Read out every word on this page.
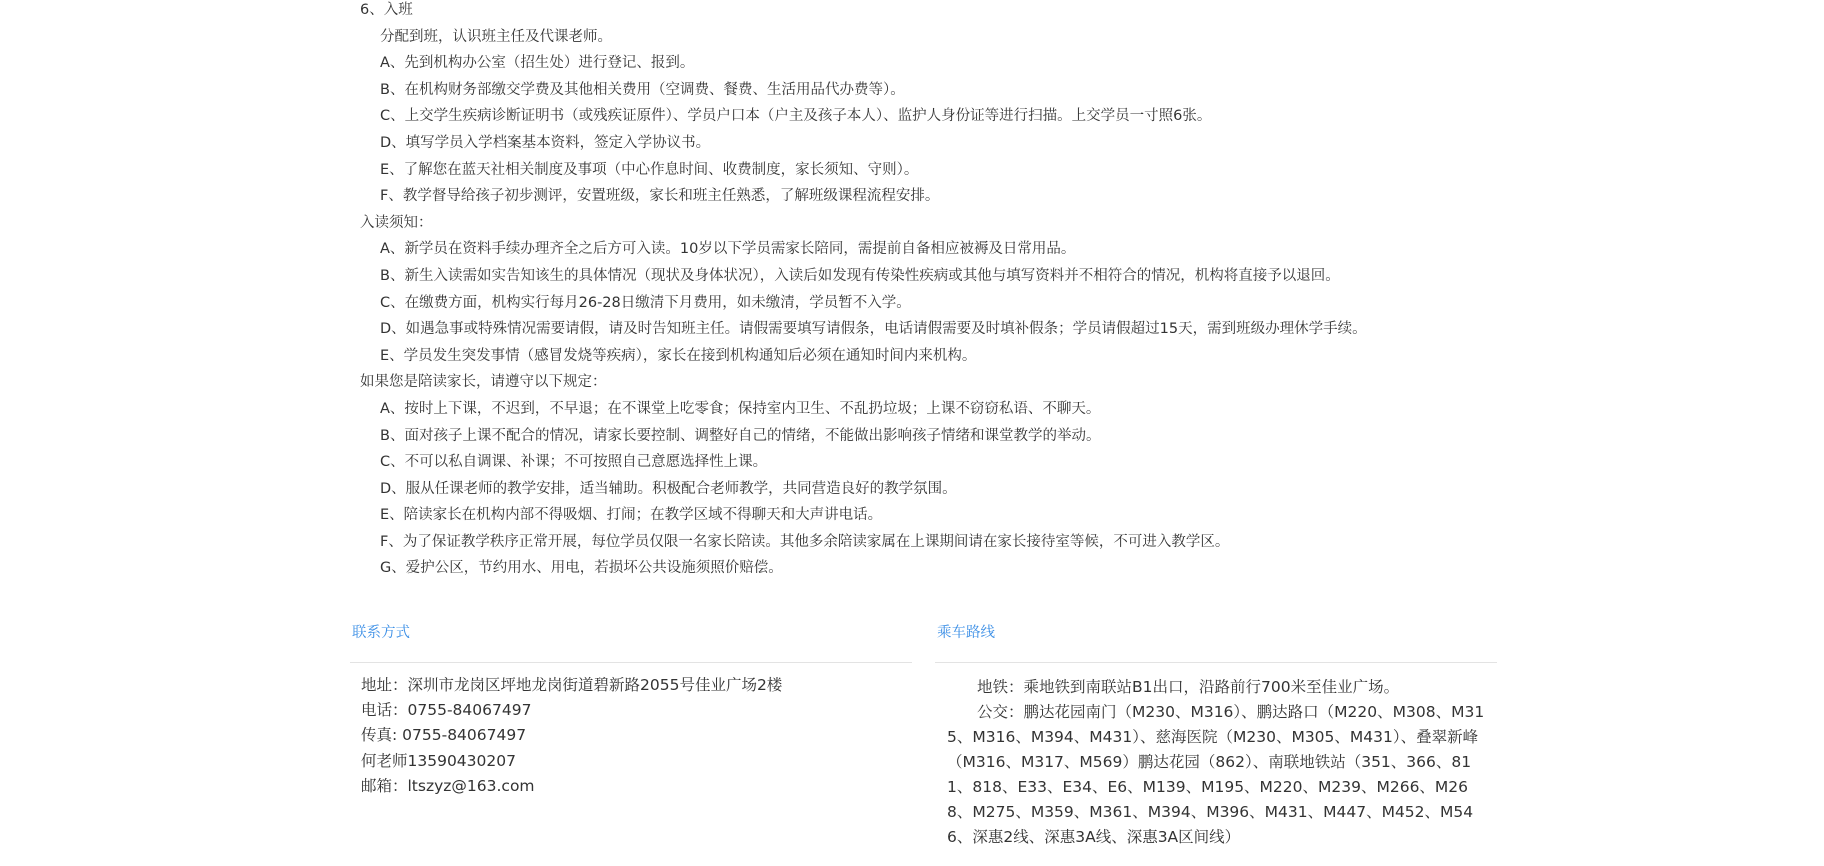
6、入班
分配到班，认识班主任及代课老师。
A、先到机构办公室（招生处）进行登记、报到。
B、在机构财务部缴交学费及其他相关费用（空调费、餐费、生活用品代办费等）。
C、上交学生疾病诊断证明书（或残疾证原件）、学员户口本（户主及孩子本人）、监护人身份证等进行扫描。上交学员一寸照6张。
D、填写学员入学档案基本资料，签定入学协议书。
E、了解您在蓝天社相关制度及事项（中心作息时间、收费制度，家长须知、守则）。
F、教学督导给孩子初步测评，安置班级，家长和班主任熟悉，了解班级课程流程安排。
入读须知：
A、新学员在资料手续办理齐全之后方可入读。10岁以下学员需家长陪同，需提前自备相应被褥及日常用品。
B、新生入读需如实告知该生的具体情况（现状及身体状况），入读后如发现有传染性疾病或其他与填写资料并不相符合的情况，机构将直接予以退回。
C、在缴费方面，机构实行每月26-28日缴清下月费用，如未缴清，学员暂不入学。
D、如遇急事或特殊情况需要请假，请及时告知班主任。请假需要填写请假条，电话请假需要及时填补假条；学员请假超过15天，需到班级办理休学手续。
E、学员发生突发事情（感冒发烧等疾病），家长在接到机构通知后必须在通知时间内来机构。
如果您是陪读家长，请遵守以下规定：
A、按时上下课，不迟到，不早退；在不课堂上吃零食；保持室内卫生、不乱扔垃圾；上课不窃窃私语、不聊天。
B、面对孩子上课不配合的情况，请家长要控制、调整好自己的情绪，不能做出影响孩子情绪和课堂教学的举动。
C、不可以私自调课、补课；不可按照自己意愿选择性上课。
D、服从任课老师的教学安排，适当辅助。积极配合老师教学，共同营造良好的教学氛围。
E、陪读家长在机构内部不得吸烟、打闹；在教学区域不得聊天和大声讲电话。
F、为了保证教学秩序正常开展，每位学员仅限一名家长陪读。其他多余陪读家属在上课期间请在家长接待室等候，不可进入教学区。
G、爱护公区，节约用水、用电，若损坏公共设施须照价赔偿。
联系方式
地址：深圳市龙岗区坪地龙岗街道碧新路2055号佳业广场2楼
电话：0755-84067497
传真: 0755-84067497
何老师13590430207
邮箱：ltszyz@163.com
乘车路线
地铁：乘地铁到南联站B1出口，沿路前行700米至佳业广场。
公交：鹏达花园南门（M230、M316）、鹏达路口（M220、M308、M315、M316、M394、M431）、慈海医院（M230、M305、M431）、叠翠新峰（M316、M317、M569）鹏达花园（862）、南联地铁站（351、366、811、818、E33、E34、E6、M139、M195、M220、M239、M266、M268、M275、M359、M361、M394、M396、M431、M447、M452、M546、深惠2线、深惠3A线、深惠3A区间线）
